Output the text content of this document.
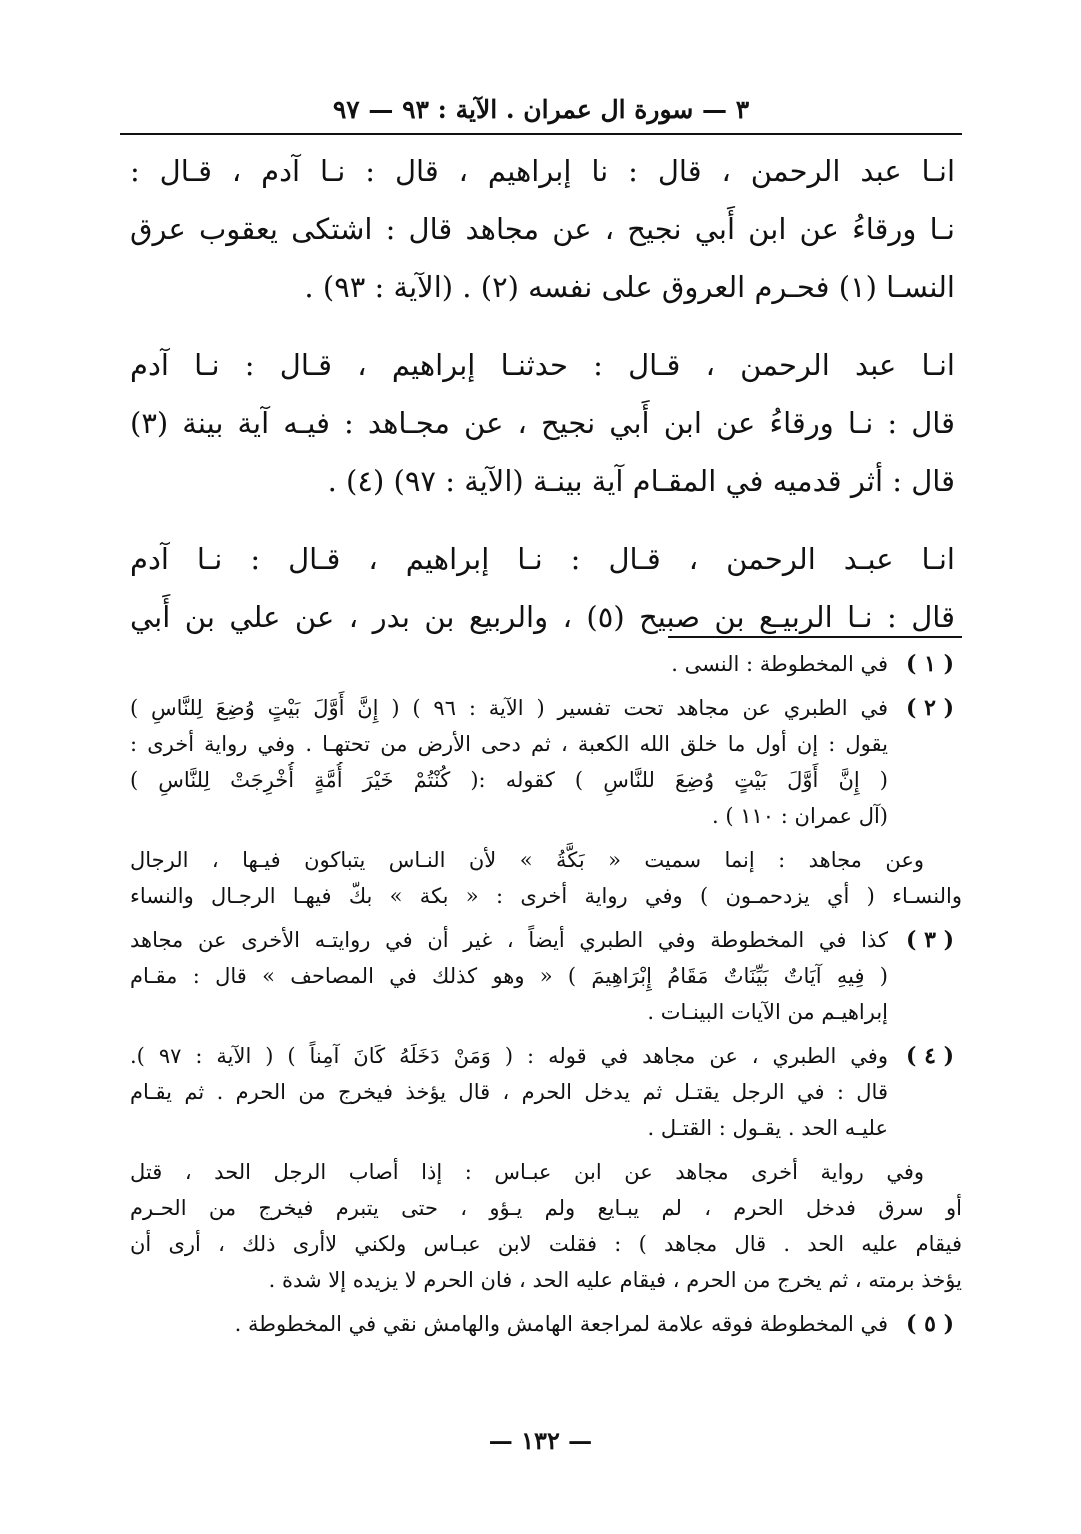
٣ — سورة ال عمران . الآية : ٩٣ — ٩٧
انـا عبد الرحمن ، قال : نا إبراهيم ، قال : نـا آدم ، قـال :
نـا ورقاءُ عن ابن أَبي نجيح ، عن مجاهد قال : اشتكى يعقوب عرق
النسـا (١) فحـرم العروق على نفسه (٢) . (الآية : ٩٣) .
انـا عبد الرحمن ، قـال : حدثنـا إبراهيم ، قـال : نـا آدم
قال : نـا ورقاءُ عن ابن أَبي نجيح ، عن مجـاهد : فيـه آية بينة (٣)
قال : أثر قدميه في المقـام آية بينـة (الآية : ٩٧) (٤) .
انـا عبـد الرحمن ، قـال : نـا إبراهيم ، قـال : نـا آدم
قال : نـا الربيـع بن صبيح (٥) ، والربيع بن بدر ، عن علي بن أَبي
( ١ )
في المخطوطة : النسى .
( ٢ )
في الطبري عن مجاهد تحت تفسير ( الآية : ٩٦ ) ( إِنَّ أَوَّلَ بَيْتٍ وُضِعَ لِلنَّاسِ )
يقول : إن أول ما خلق الله الكعبة ، ثم دحى الأرض من تحتهـا . وفي رواية أخرى :
( إِنَّ أَوَّلَ بَيْتٍ وُضِعَ للنَّاسِ ) كقوله :( كُنْتُمْ خَيْرَ أُمَّةٍ أُخْرِجَتْ لِلنَّاسِ )
(آل عمران : ١١٠ ) .
وعن مجاهد : إنما سميت « بَكَّةُ » لأن النـاس يتباكون فيـها ، الرجال
والنسـاء ( أي يزدحمـون ) وفي رواية أخرى : « بكة » بكّ فيهـا الرجـال والنساء
( ٣ )
كذا في المخطوطة وفي الطبري أيضاً ، غير أن في روايتـه الأخرى عن مجاهد
( فِيهِ آيَاتٌ بَيِّنَاتٌ مَقَامُ إِبْرَاهِيمَ ) « وهو كذلك في المصاحف » قال : مقـام
إبراهيـم من الآيات البينـات .
( ٤ )
وفي الطبري ، عن مجاهد في قوله : ( وَمَنْ دَخَلَهُ كَانَ آمِناً ) ( الآية : ٩٧ ).
قال : في الرجل يقتـل ثم يدخل الحرم ، قال يؤخذ فيخرج من الحرم . ثم يقـام
عليـه الحد . يقـول : القتـل .
وفي رواية أخرى مجاهد عن ابن عبـاس : إذا أصاب الرجل الحد ، قتل
أو سرق فدخل الحرم ، لم يبـايع ولم يـؤو ، حتى يتبرم فيخرج من الحـرم
فيقام عليه الحد . قال مجاهد ) : فقلت لابن عبـاس ولكني لاأرى ذلك ، أرى أن
يؤخذ برمته ، ثم يخرج من الحرم ، فيقام عليه الحد ، فان الحرم لا يزيده إلا شدة .
( ٥ )
في المخطوطة فوقه علامة لمراجعة الهامش والهامش نقي في المخطوطة .
— ١٣٢ —
